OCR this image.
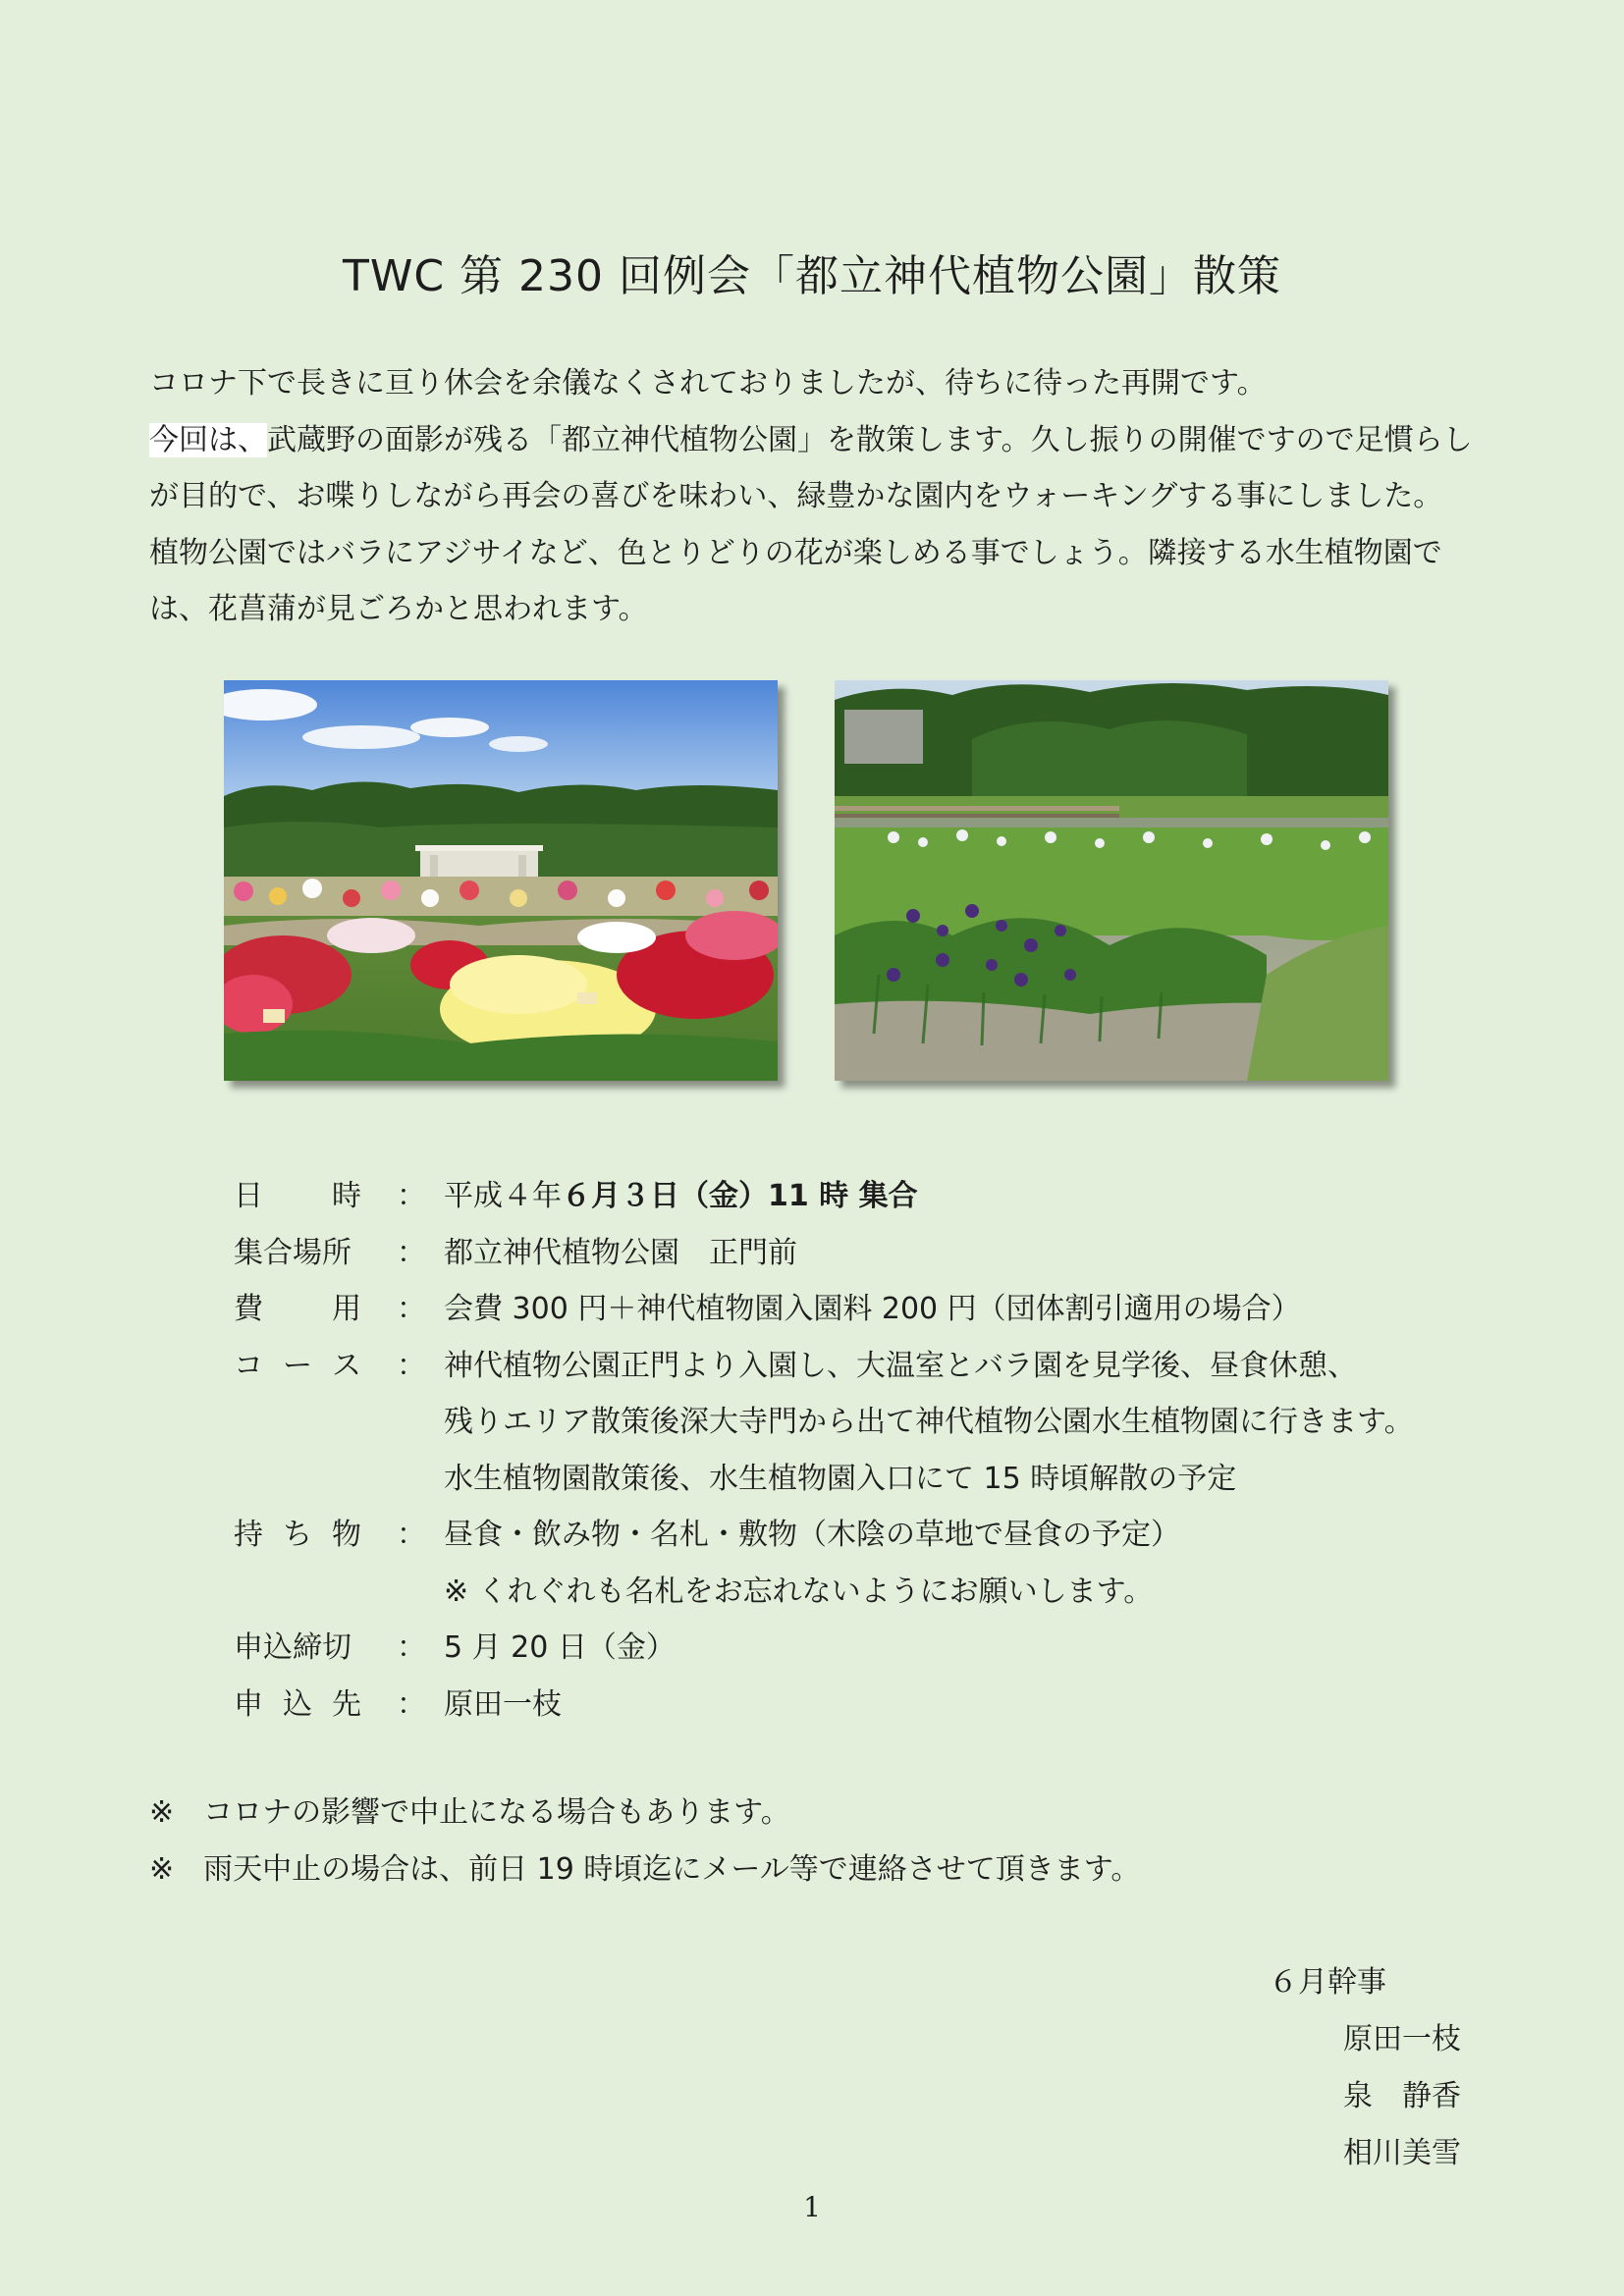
TWC 第 230 回例会「都立神代植物公園」散策

コロナ下で長きに亘り休会を余儀なくされておりましたが、待ちに待った再開です。

今回は、武蔵野の面影が残る「都立神代植物公園」を散策します。久し振りの開催ですので足慣らし

が目的で、お喋りしながら再会の喜びを味わい、緑豊かな園内をウォーキングする事にしました。

植物公園ではバラにアジサイなど、色とりどりの花が楽しめる事でしょう。隣接する水生植物園で

は、花菖蒲が見ごろかと思われます。

日 時 ： 平成４年６月３日（金）11 時 集合
集合場所	： 都立神代植物公園　正門前
費 用 ： 会費 300 円＋神代植物園入園料 200 円（団体割引適用の場合）
コ ー ス ： 神代植物公園正門より入園し、大温室とバラ園を見学後、昼食休憩、
残りエリア散策後深大寺門から出て神代植物公園水生植物園に行きます。
水生植物園散策後、水生植物園入口にて 15 時頃解散の予定
持 ち 物 ： 昼食・飲み物・名札・敷物（木陰の草地で昼食の予定）
※ くれぐれも名札をお忘れないようにお願いします。
申込締切	： 5 月 20 日（金）
申 込 先 ： 原田一枝

※　コロナの影響で中止になる場合もあります。

※　雨天中止の場合は、前日 19 時頃迄にメール等で連絡させて頂きます。

６月幹事
原田一枝
泉　静香
相川美雪
1
